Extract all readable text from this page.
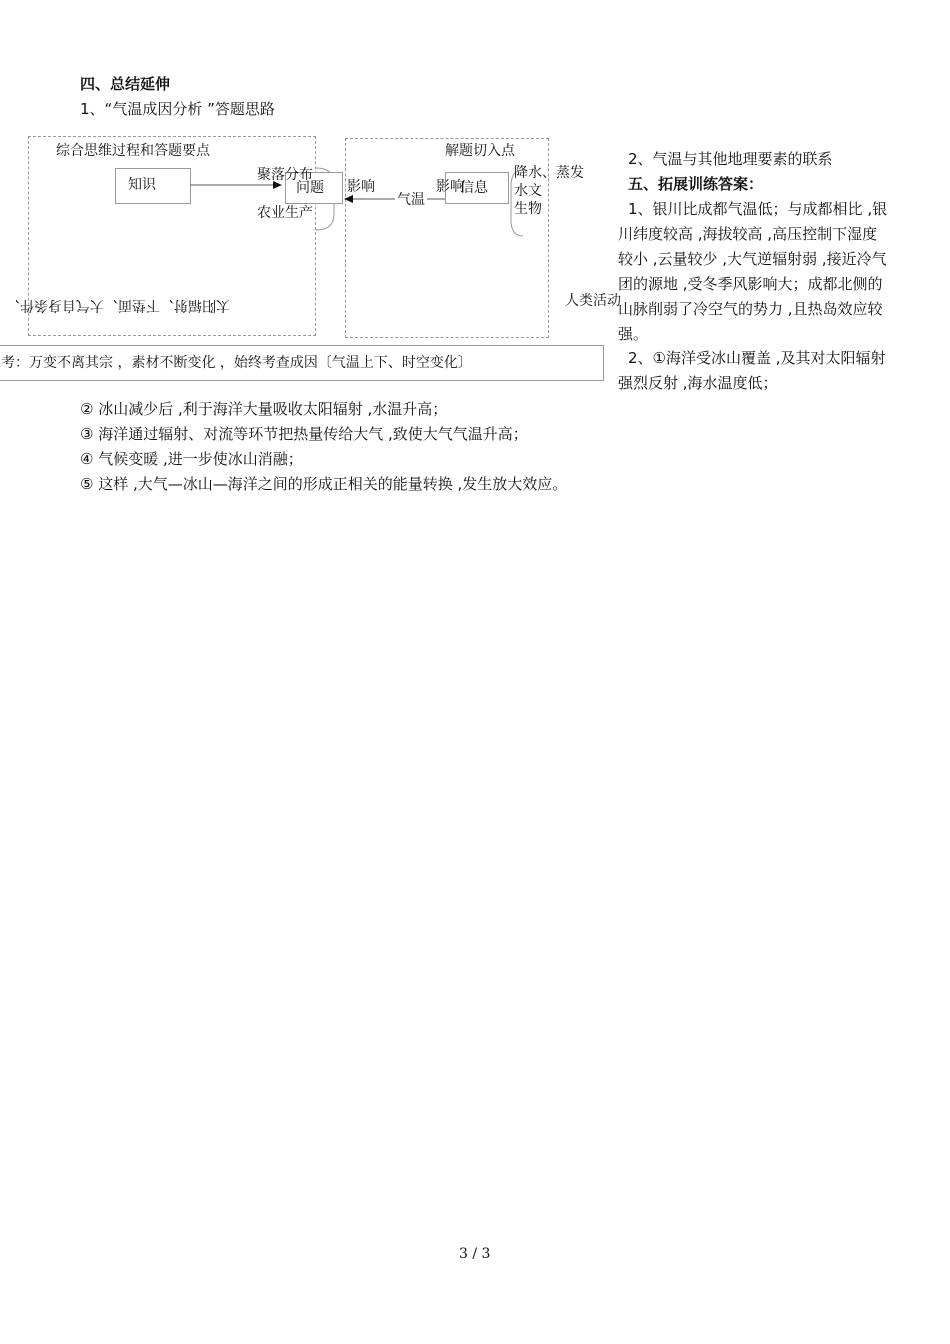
四、总结延伸
1、“气温成因分析 ”答题思路
综合思维过程和答题要点	解题切入点
知识	问题	信息
聚落分布
农业生产
影响
气温
影响
降水、蒸发
水文
生物
太阳辐射、下垫面、大气自身条件、	人类活动
考：万变不离其宗 ，素材不断变化 ，始终考查成因〔气温上下、时空变化〕
2、气温与其他地理要素的联系
五、拓展训练答案：
1、银川比成都气温低；与成都相比 ,银川纬度较高 ,海拔较高 ,高压控制下湿度较小 ,云量较少 ,大气逆辐射弱 ,接近冷气团的源地 ,受冬季风影响大；成都北侧的山脉削弱了冷空气的势力 ,且热岛效应较强。
2、①海洋受冰山覆盖 ,及其对太阳辐射强烈反射 ,海水温度低；
② 冰山减少后 ,利于海洋大量吸收太阳辐射 ,水温升高；
③ 海洋通过辐射、对流等环节把热量传给大气 ,致使大气气温升高；
④ 气候变暖 ,进一步使冰山消融；
⑤ 这样 ,大气—冰山—海洋之间的形成正相关的能量转换 ,发生放大效应。
3 / 3
